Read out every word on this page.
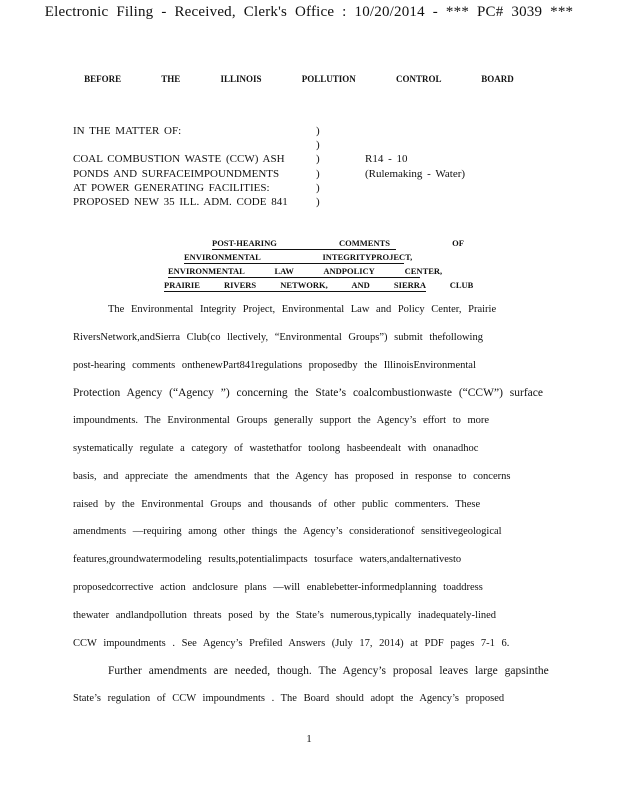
Electronic Filing - Received, Clerk's Office : 10/20/2014 - *** PC# 3039 ***
BEFORE THE ILLINOIS POLLUTION CONTROL BOARD
IN THE MATTER OF:	)
)
COAL COMBUSTION WASTE (CCW) ASH	)	R14 - 10
PONDS AND SURFACEIMPOUNDMENTS	)	(Rulemaking - Water)
AT POWER GENERATING FACILITIES:	)
PROPOSED NEW 35 ILL. ADM. CODE 841	)
POST-HEARING COMMENTS OF
ENVIRONMENTAL INTEGRITYPROJECT,
ENVIRONMENTAL LAW ANDPOLICY CENTER,
PRAIRIE RIVERS NETWORK, AND SIERRA CLUB
The Environmental Integrity Project, Environmental Law and Policy Center, Prairie
RiversNetwork,andSierra Club(co llectively, “Environmental Groups”) submit thefollowing
post-hearing comments onthenewPart841regulations proposedby the IllinoisEnvironmental
Protection Agency (“Agency ”) concerning the State’s coalcombustionwaste (“CCW”) surface
impoundments. The Environmental Groups generally support the Agency’s effort to more
systematically regulate a category of wastethatfor toolong hasbeendealt with onanadhoc
basis, and appreciate the amendments that the Agency has proposed in response to concerns
raised by the Environmental Groups and thousands of other public commenters. These
amendments —requiring among other things the Agency’s considerationof sensitivegeological
features,groundwatermodeling results,potentialimpacts tosurface waters,andalternativesto
proposedcorrective action andclosure plans —will enablebetter-informedplanning toaddress
thewater andlandpollution threats posed by the State’s numerous,typically inadequately-lined
CCW impoundments . See Agency’s Prefiled Answers (July 17, 2014) at PDF pages 7-1 6.
Further amendments are needed, though. The Agency’s proposal leaves large gapsinthe
State’s regulation of CCW impoundments . The Board should adopt the Agency’s proposed
1
